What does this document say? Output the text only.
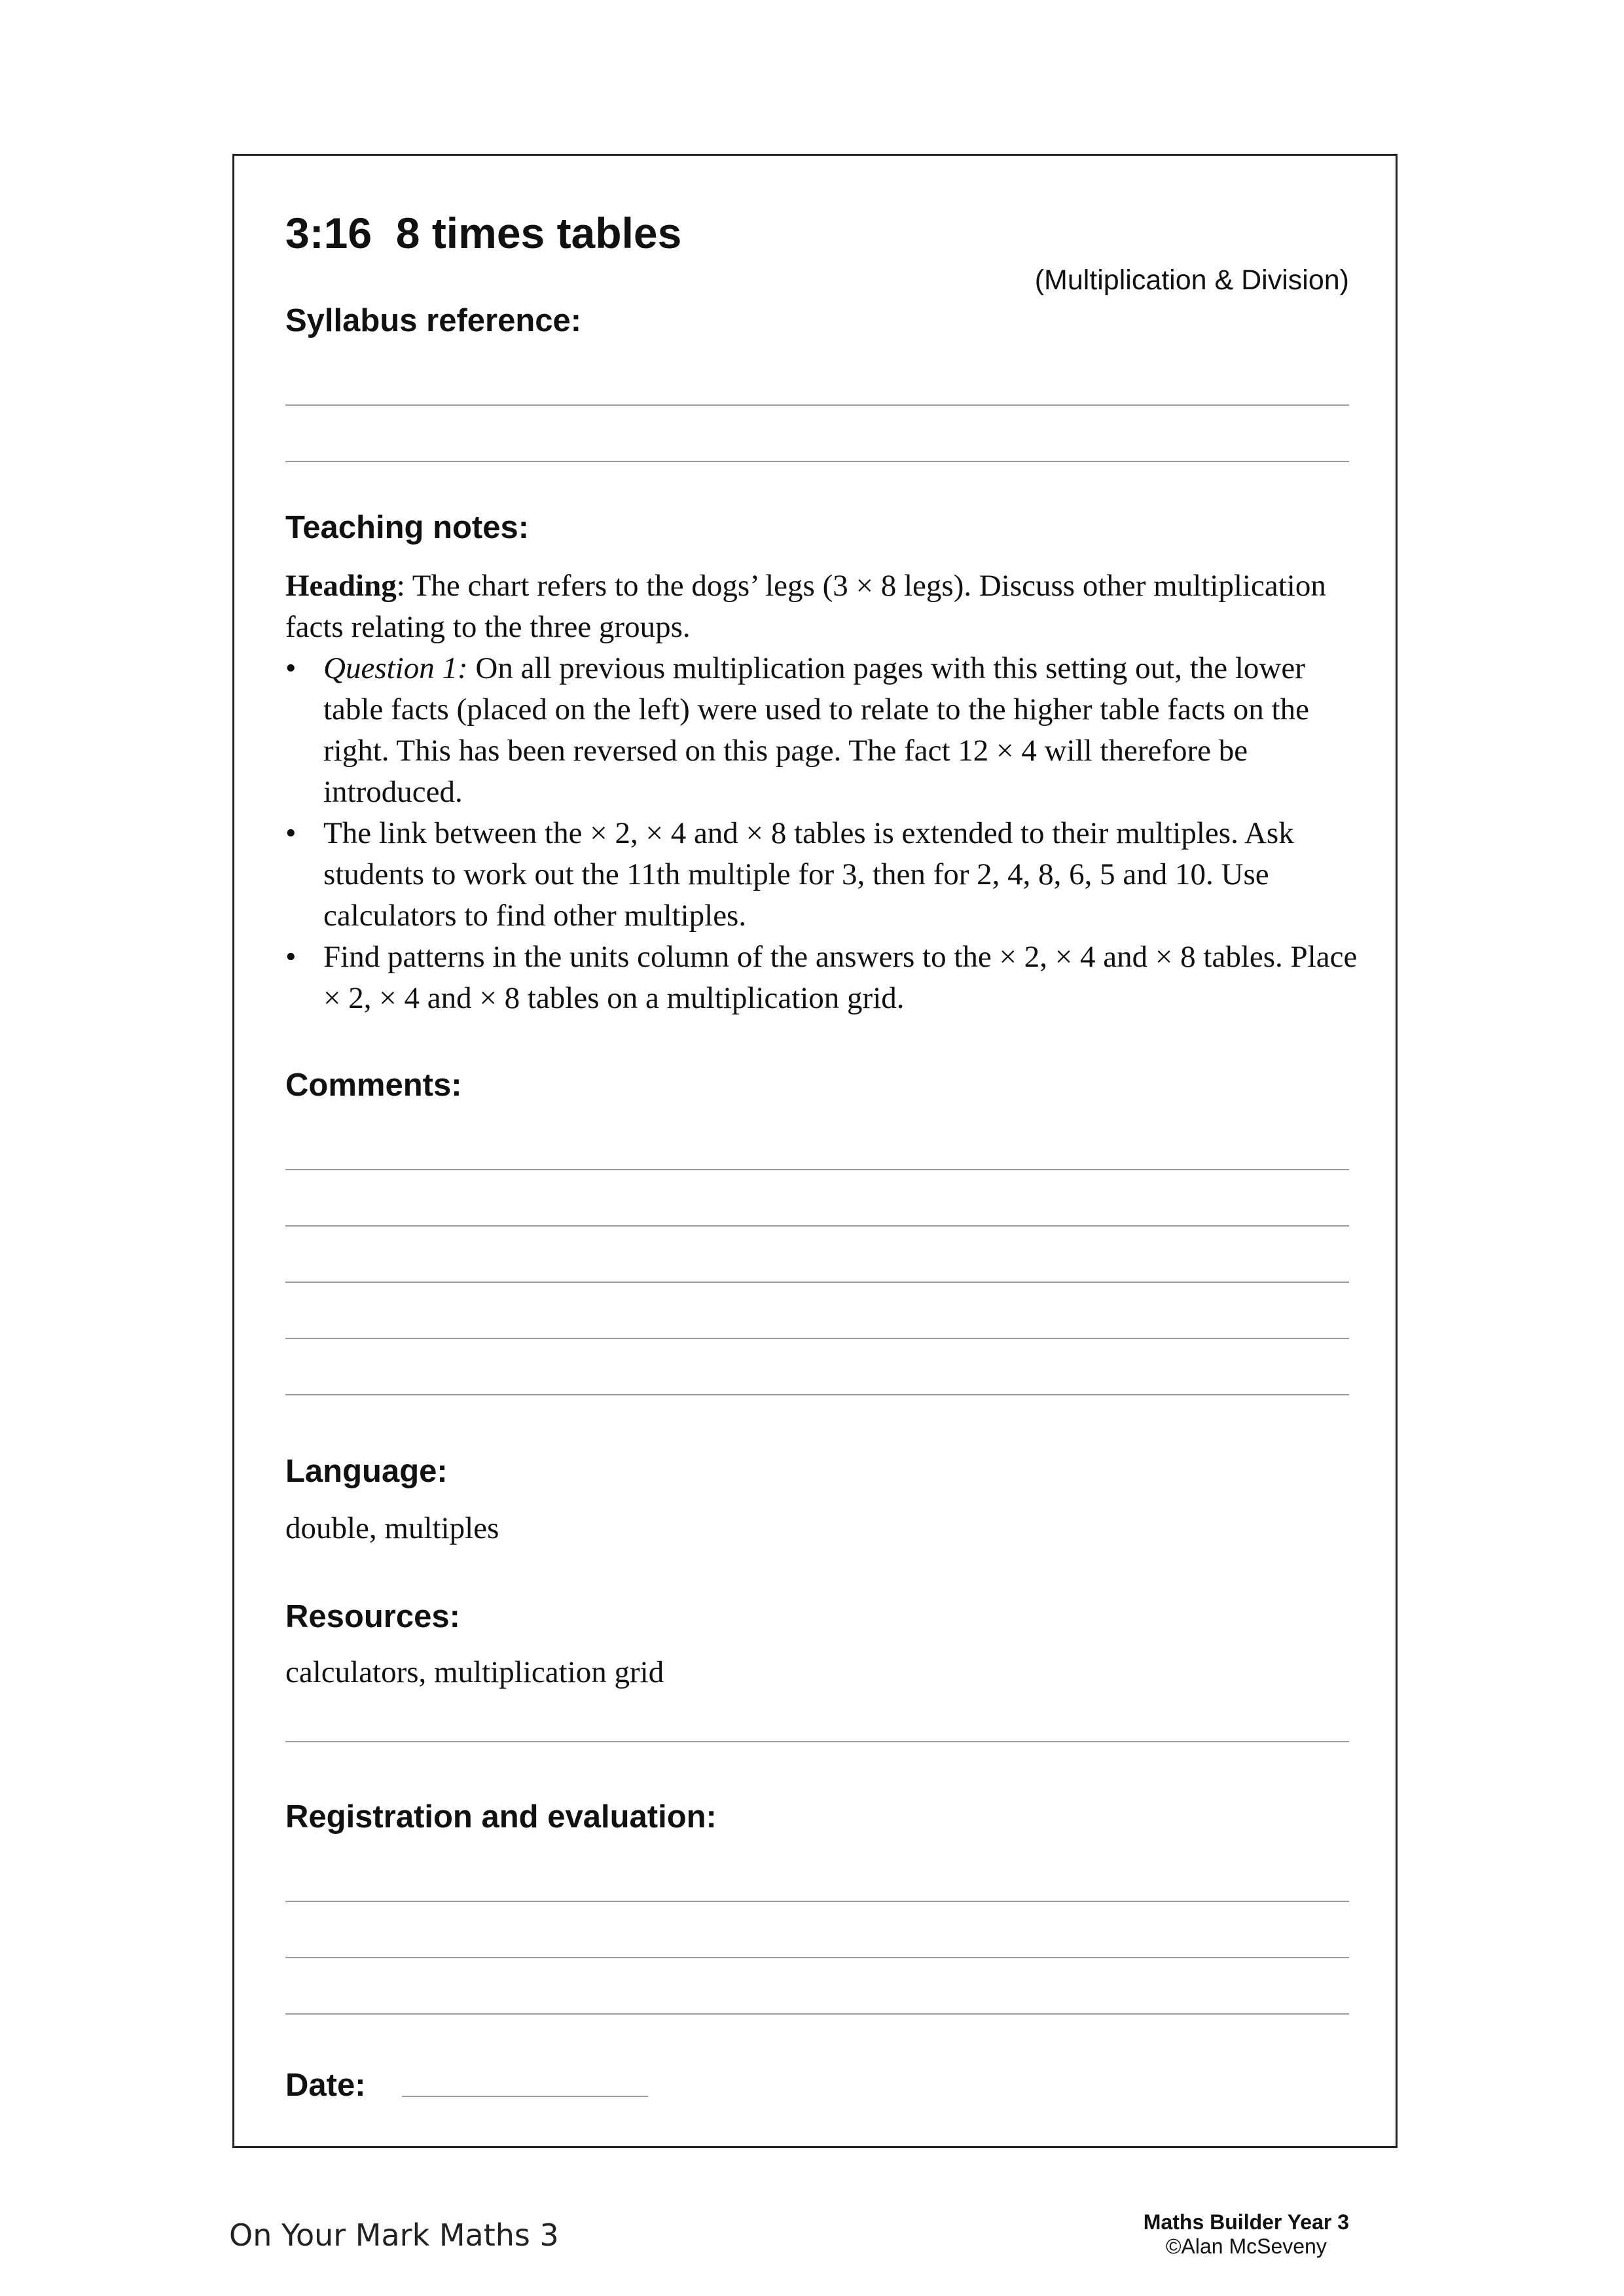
3:16  8 times tables
(Multiplication & Division)
Syllabus reference:
Teaching notes:

Heading: The chart refers to the dogs’ legs (3 × 8 legs). Discuss other multiplication facts relating to the three groups.

• Question 1: On all previous multiplication pages with this setting out, the lower table facts (placed on the left) were used to relate to the higher table facts on the right. This has been reversed on this page. The fact 12 × 4 will therefore be introduced.
• The link between the × 2, × 4 and × 8 tables is extended to their multiples. Ask students to work out the 11th multiple for 3, then for 2, 4, 8, 6, 5 and 10. Use calculators to find other multiples.
• Find patterns in the units column of the answers to the × 2, × 4 and × 8 tables. Place × 2, × 4 and × 8 tables on a multiplication grid.
Comments:
Language:
double, multiples
Resources:
calculators, multiplication grid
Registration and evaluation:
Date:
On Your Mark Maths 3	Maths Builder Year 3
©Alan McSeveny
